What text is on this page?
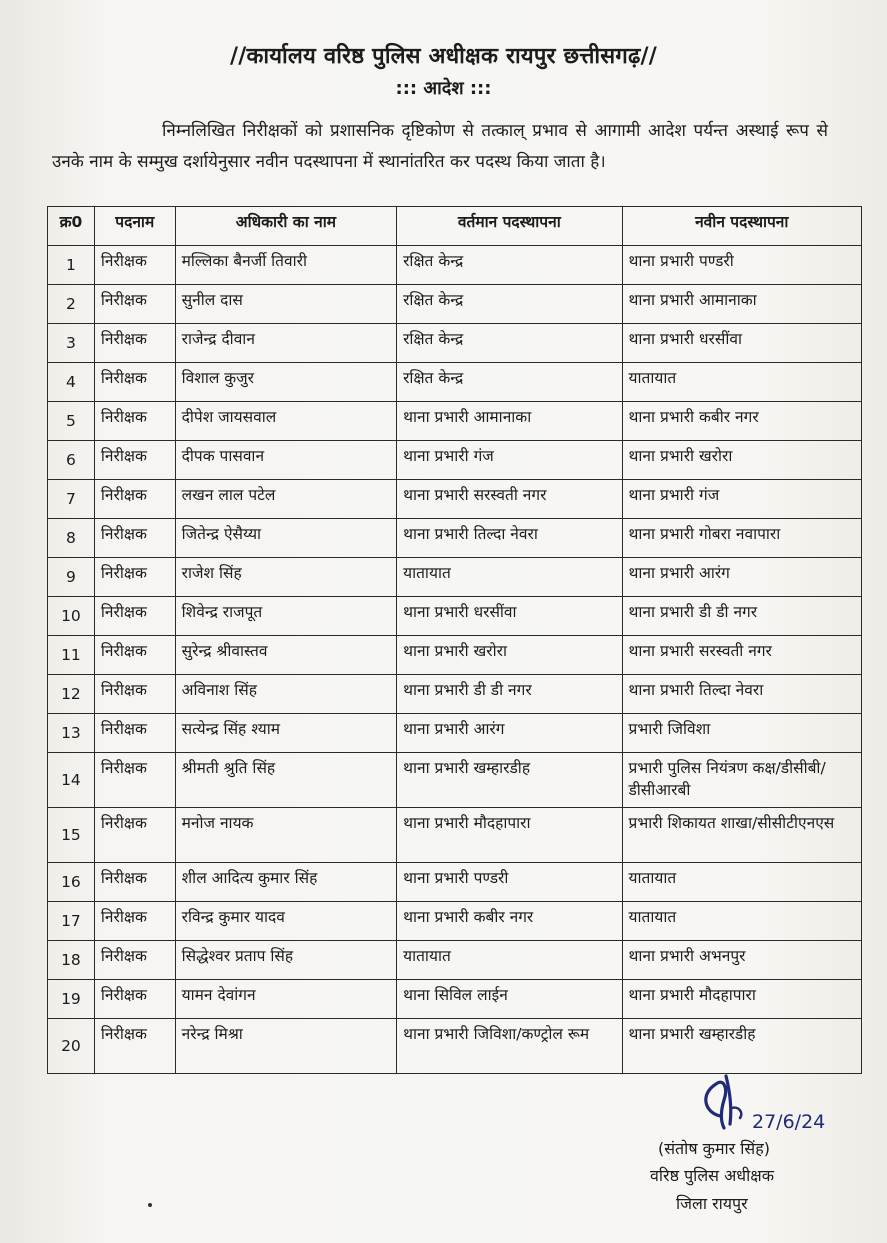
//कार्यालय वरिष्ठ पुलिस अधीक्षक रायपुर छत्तीसगढ़//
::: आदेश :::
निम्नलिखित निरीक्षकों को प्रशासनिक दृष्टिकोण से तत्काल् प्रभाव से आगामी आदेश पर्यन्त अस्थाई रूप से उनके नाम के सम्मुख दर्शायेनुसार नवीन पदस्थापना में स्थानांतरित कर पदस्थ किया जाता है।
क्र0	पदनाम	अधिकारी का नाम	वर्तमान पदस्थापना	नवीन पदस्थापना
1	निरीक्षक	मल्लिका बैनर्जी तिवारी	रक्षित केन्द्र	थाना प्रभारी पण्डरी
2	निरीक्षक	सुनील दास	रक्षित केन्द्र	थाना प्रभारी आमानाका
3	निरीक्षक	राजेन्द्र दीवान	रक्षित केन्द्र	थाना प्रभारी धरसींवा
4	निरीक्षक	विशाल कुजुर	रक्षित केन्द्र	यातायात
5	निरीक्षक	दीपेश जायसवाल	थाना प्रभारी आमानाका	थाना प्रभारी कबीर नगर
6	निरीक्षक	दीपक पासवान	थाना प्रभारी गंज	थाना प्रभारी खरोरा
7	निरीक्षक	लखन लाल पटेल	थाना प्रभारी सरस्वती नगर	थाना प्रभारी गंज
8	निरीक्षक	जितेन्द्र ऐसैय्या	थाना प्रभारी तिल्दा नेवरा	थाना प्रभारी गोबरा नवापारा
9	निरीक्षक	राजेश सिंह	यातायात	थाना प्रभारी आरंग
10	निरीक्षक	शिवेन्द्र राजपूत	थाना प्रभारी धरसींवा	थाना प्रभारी डी डी नगर
11	निरीक्षक	सुरेन्द्र श्रीवास्तव	थाना प्रभारी खरोरा	थाना प्रभारी सरस्वती नगर
12	निरीक्षक	अविनाश सिंह	थाना प्रभारी डी डी नगर	थाना प्रभारी तिल्दा नेवरा
13	निरीक्षक	सत्येन्द्र सिंह श्याम	थाना प्रभारी आरंग	प्रभारी जिविशा
14	निरीक्षक	श्रीमती श्रुति सिंह	थाना प्रभारी खम्हारडीह	प्रभारी पुलिस नियंत्रण कक्ष/डीसीबी/डीसीआरबी
15	निरीक्षक	मनोज नायक	थाना प्रभारी मौदहापारा	प्रभारी शिकायत शाखा/सीसीटीएनएस
16	निरीक्षक	शील आदित्य कुमार सिंह	थाना प्रभारी पण्डरी	यातायात
17	निरीक्षक	रविन्द्र कुमार यादव	थाना प्रभारी कबीर नगर	यातायात
18	निरीक्षक	सिद्धेश्वर प्रताप सिंह	यातायात	थाना प्रभारी अभनपुर
19	निरीक्षक	यामन देवांगन	थाना सिविल लाईन	थाना प्रभारी मौदहापारा
20	निरीक्षक	नरेन्द्र मिश्रा	थाना प्रभारी जिविशा/कण्ट्रोल रूम	थाना प्रभारी खम्हारडीह
27/6/24
(संतोष कुमार सिंह)
वरिष्ठ पुलिस अधीक्षक
जिला रायपुर
